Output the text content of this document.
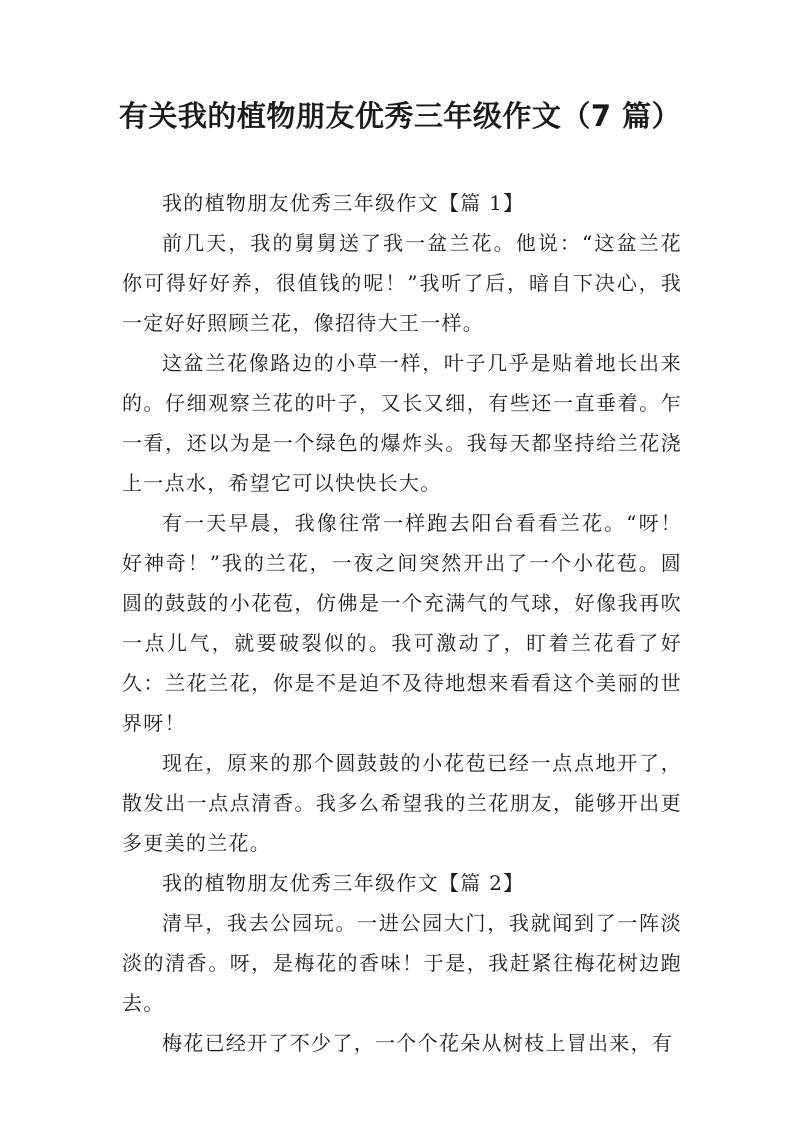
有关我的植物朋友优秀三年级作文（7 篇）

我的植物朋友优秀三年级作文【篇 1】

前几天，我的舅舅送了我一盆兰花。他说：“这盆兰花你可得好好养，很值钱的呢！”我听了后，暗自下决心，我一定好好照顾兰花，像招待大王一样。

这盆兰花像路边的小草一样，叶子几乎是贴着地长出来的。仔细观察兰花的叶子，又长又细，有些还一直垂着。乍一看，还以为是一个绿色的爆炸头。我每天都坚持给兰花浇上一点水，希望它可以快快长大。

有一天早晨，我像往常一样跑去阳台看看兰花。“呀！好神奇！”我的兰花，一夜之间突然开出了一个小花苞。圆圆的鼓鼓的小花苞，仿佛是一个充满气的气球，好像我再吹一点儿气，就要破裂似的。我可激动了，盯着兰花看了好久：兰花兰花，你是不是迫不及待地想来看看这个美丽的世界呀！

现在，原来的那个圆鼓鼓的小花苞已经一点点地开了，散发出一点点清香。我多么希望我的兰花朋友，能够开出更多更美的兰花。

我的植物朋友优秀三年级作文【篇 2】

清早，我去公园玩。一进公园大门，我就闻到了一阵淡淡的清香。呀，是梅花的香味！于是，我赶紧往梅花树边跑去。

梅花已经开了不少了，一个个花朵从树枝上冒出来，有
